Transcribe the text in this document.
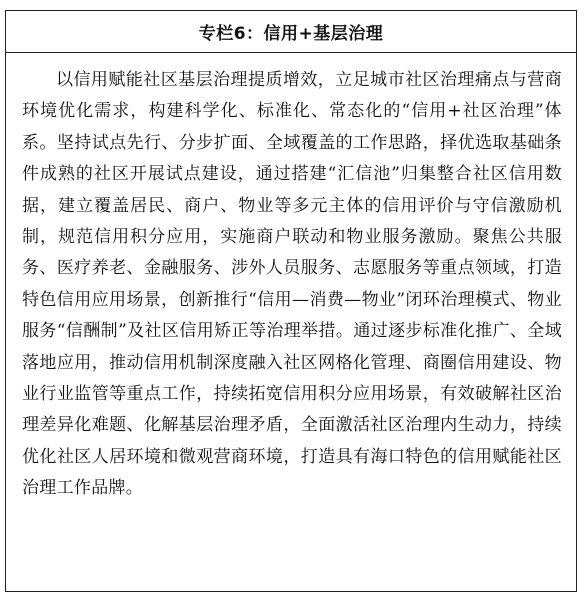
专栏6：信用+基层治理

以信用赋能社区基层治理提质增效，立足城市社区治理痛点与营商环境优化需求，构建科学化、标准化、常态化的“信用+社区治理”体系。坚持试点先行、分步扩面、全域覆盖的工作思路，择优选取基础条件成熟的社区开展试点建设，通过搭建“汇信池”归集整合社区信用数据，建立覆盖居民、商户、物业等多元主体的信用评价与守信激励机制，规范信用积分应用，实施商户联动和物业服务激励。聚焦公共服务、医疗养老、金融服务、涉外人员服务、志愿服务等重点领域，打造特色信用应用场景，创新推行“信用—消费—物业”闭环治理模式、物业服务“信酬制”及社区信用矫正等治理举措。通过逐步标准化推广、全域落地应用，推动信用机制深度融入社区网格化管理、商圈信用建设、物业行业监管等重点工作，持续拓宽信用积分应用场景，有效破解社区治理差异化难题、化解基层治理矛盾，全面激活社区治理内生动力，持续优化社区人居环境和微观营商环境，打造具有海口特色的信用赋能社区治理工作品牌。
